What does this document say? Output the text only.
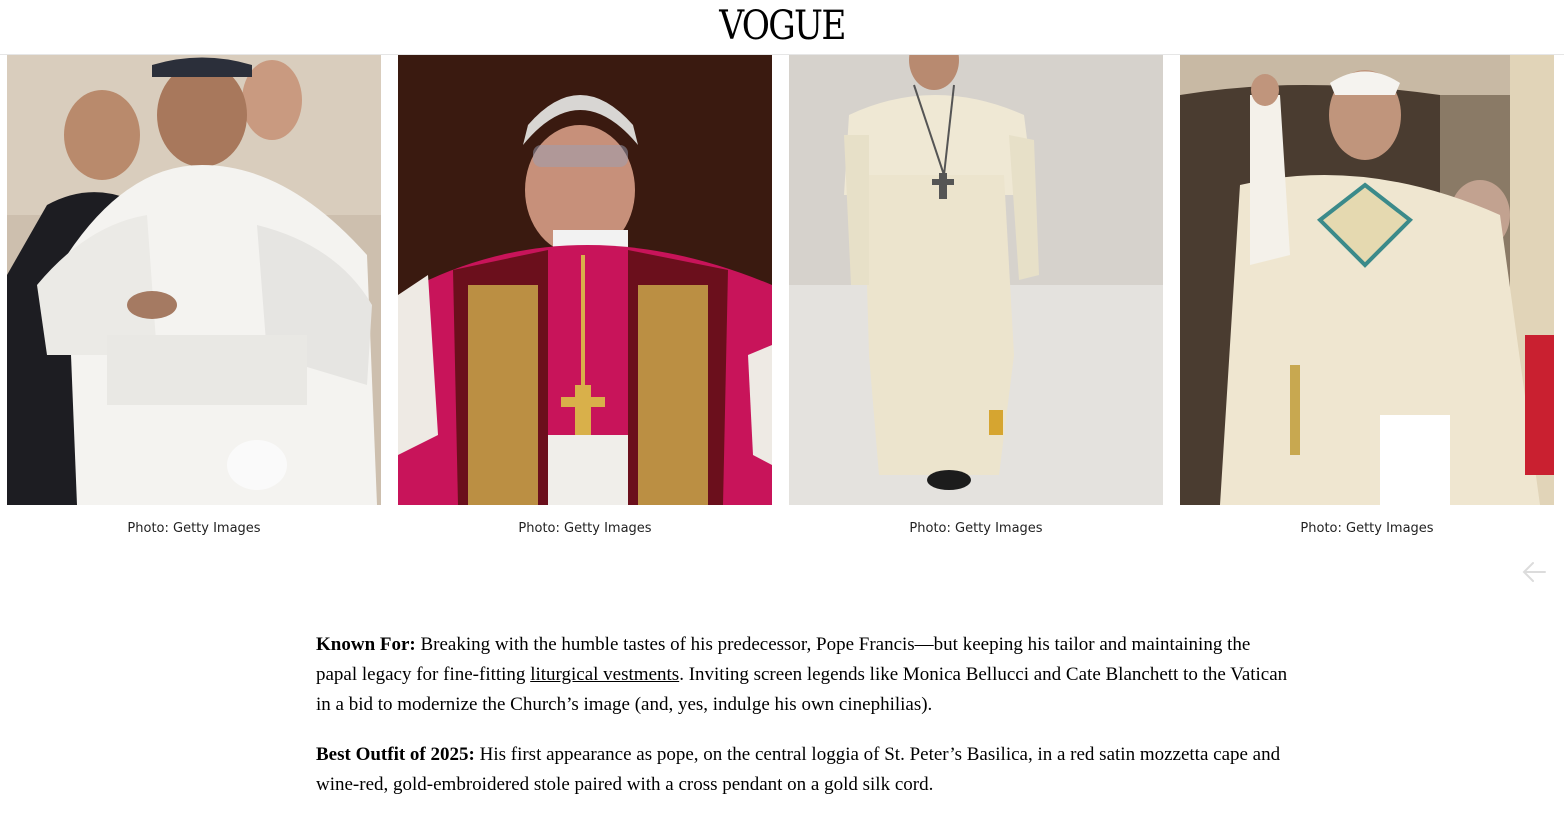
VOGUE
Photo: Getty Images	Photo: Getty Images	Photo: Getty Images	Photo: Getty Images

Known For: Breaking with the humble tastes of his predecessor, Pope Francis—but keeping his tailor and maintaining the papal legacy for fine-fitting liturgical vestments. Inviting screen legends like Monica Bellucci and Cate Blanchett to the Vatican in a bid to modernize the Church’s image (and, yes, indulge his own cinephilias).

Best Outfit of 2025: His first appearance as pope, on the central loggia of St. Peter’s Basilica, in a red satin mozzetta cape and wine-red, gold-embroidered stole paired with a cross pendant on a gold silk cord.
